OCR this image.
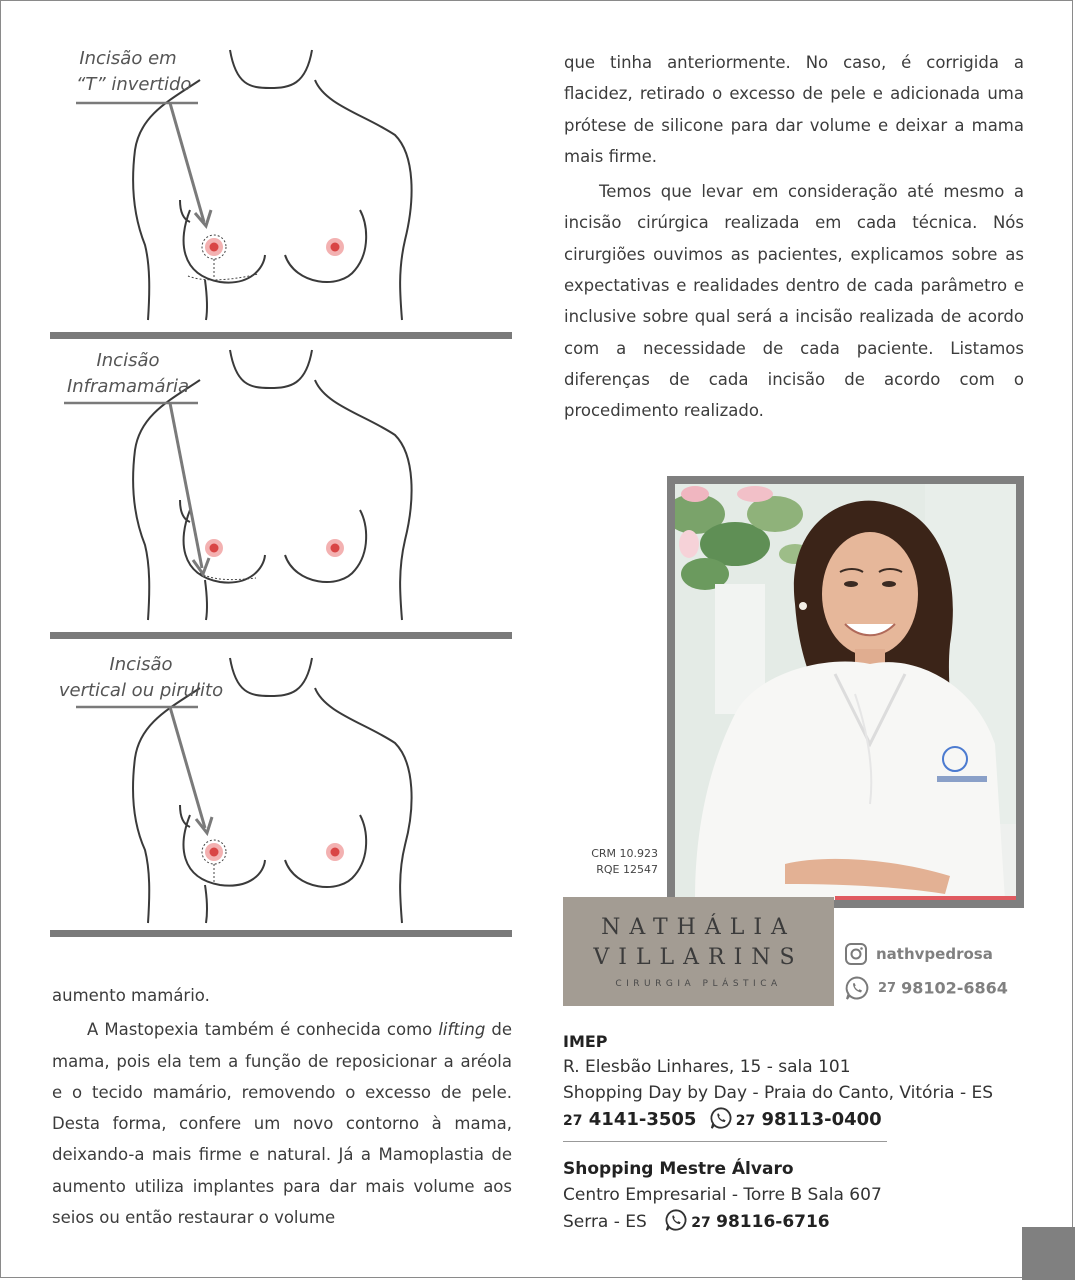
Incisão em
“T” invertido
Incisão
Inframamária
Incisão
vertical ou pirulito

que tinha anteriormente. No caso, é corrigida a flacidez, retirado o excesso de pele e adicionada uma prótese de silicone para dar volume e deixar a mama mais firme.

Temos que levar em consideração até mesmo a incisão cirúrgica realizada em cada técnica. Nós cirurgiões ouvimos as pacientes, explicamos sobre as expectativas e realidades dentro de cada parâmetro e inclusive sobre qual será a incisão realizada de acordo com a necessidade de cada paciente. Listamos diferenças de cada incisão de acordo com o procedimento realizado.

aumento mamário.

A Mastopexia também é conhecida como lifting de mama, pois ela tem a função de reposicionar a aréola e o tecido mamário, removendo o excesso de pele. Desta forma, confere um novo contorno à mama, deixando-a mais firme e natural. Já a Mamoplastia de aumento utiliza implantes para dar mais volume aos seios ou então restaurar o volume

CRM 10.923
RQE 12547
NATHÁLIA
VILLARINS
CIRURGIA PLÁSTICA
nathvpedrosa
27 98102-6864
IMEP
R. Elesbão Linhares, 15 - sala 101
Shopping Day by Day - Praia do Canto, Vitória - ES
27 4141-3505	27 98113-0400
Shopping Mestre Álvaro
Centro Empresarial - Torre B Sala 607
Serra - ES	27 98116-6716
